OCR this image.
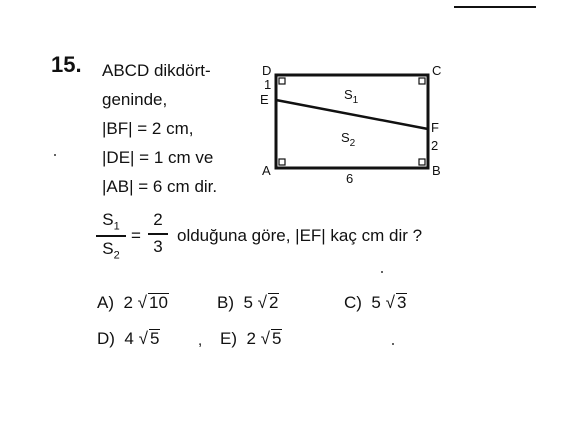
15. ABCD dikdört-
geninde,
|BF| = 2 cm,
|DE| = 1 cm ve
|AB| = 6 cm dir.
D	C
1
E
F
2
A	B
6
$S_1$
$S_2$
$S_1$
$S_2$
=
2
3
olduğuna göre, |EF| kaç cm dir ?
A) 2 √ 10	B) 5 √ 2	C) 5 √ 3
D) 4 √ 5	, E) 2 √ 5
